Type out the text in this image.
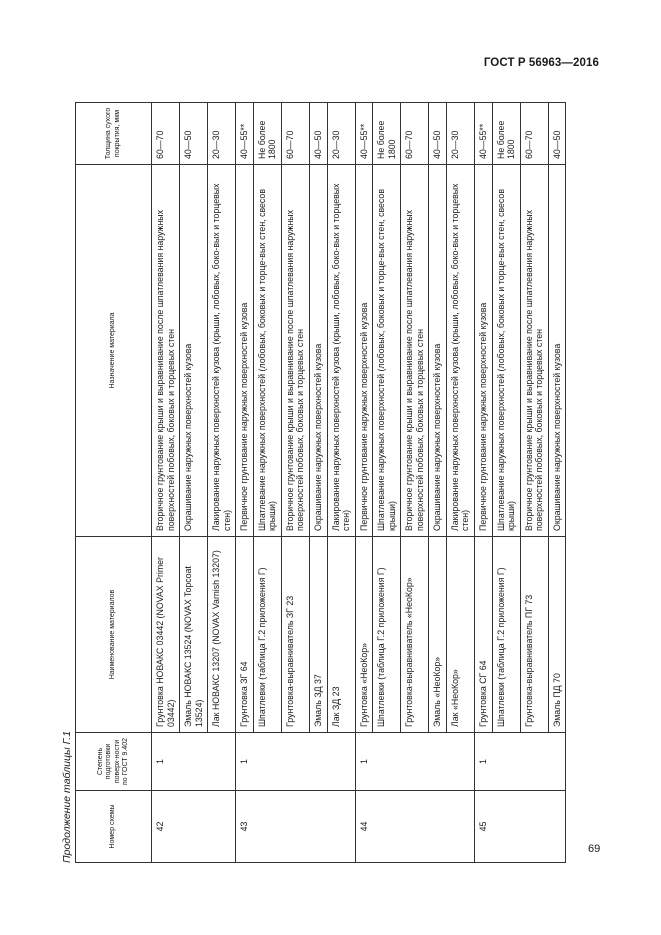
ГОСТ Р 56963—2016
Продолжение таблицы Г.1	Номер схемы	Степень подготовки поверх-ности по ГОСТ 9.402	Наименование материалов	Назначение материала	Толщина сухого покрытия, мкм
42	1	Грунтовка НОВАКС 03442 (NOVAX Primer 03442)	Вторичное грунтование крыши и выравнивание после шпатлевания наружных поверхностей побовых, боковых и торцевых стен	60—70
		Эмаль НОВАКС 13524 (NOVAX Topcoat 13524)	Окрашивание наружных поверхностей кузова	40—50
		Лак НОВАКС 13207 (NOVAX Varnish 13207)	Лакирование наружных поверхностей кузова (крыши, лобовых, боко-вых и торцевых стен)	20—30
43	1	Грунтовка ЗГ 64	Первичное грунтование наружных поверхностей кузова	40—55**
		Шпатлевки (таблица Г.2 приложения Г)	Шпатлевание наружных поверхностей (лобовых, боковых и торце-вых стен, свесов крыши)	Не более 1800
		Грунтовка-выравниватель ЗГ 23	Вторичное грунтование крыши и выравнивание после шпатлевания наружных поверхностей побовых, боковых и торцевых стен	60—70
		Эмаль ЗД 37	Окрашивание наружных поверхностей кузова	40—50
		Лак ЗД 23	Лакирование наружных поверхностей кузова (крыши, лобовых, боко-вых и торцевых стен)	20—30
44	1	Грунтовка «НеоКор»	Первичное грунтование наружных поверхностей кузова	40—55**
		Шпатлевки (таблица Г.2 приложения Г)	Шпатлевание наружных поверхностей (лобовых, боковых и торце-вых стен, свесов крыши)	Не более 1800
		Грунтовка-выравниватель «НеоКор»	Вторичное грунтование крыши и выравнивание после шпатлевания наружных поверхностей побовых, боковых и торцевых стен	60—70
		Эмаль «НеоКор»	Окрашивание наружных поверхностей кузова	40—50
		Лак «НеоКор»	Лакирование наружных поверхностей кузова (крыши, лобовых, боко-вых и торцевых стен)	20—30
45	1	Грунтовка СГ 64	Первичное грунтование наружных поверхностей кузова	40—55**
		Шпатлевки (таблица Г.2 приложения Г)	Шпатлевание наружных поверхностей (лобовых, боковых и торце-вых стен, свесов крыши)	Не более 1800
		Грунтовка-выравниватель ПГ 73	Вторичное грунтование крыши и выравнивание после шпатлевания наружных поверхностей побовых, боковых и торцевых стен	60—70
		Эмаль ПД 70	Окрашивание наружных поверхностей кузова	40—50
69
